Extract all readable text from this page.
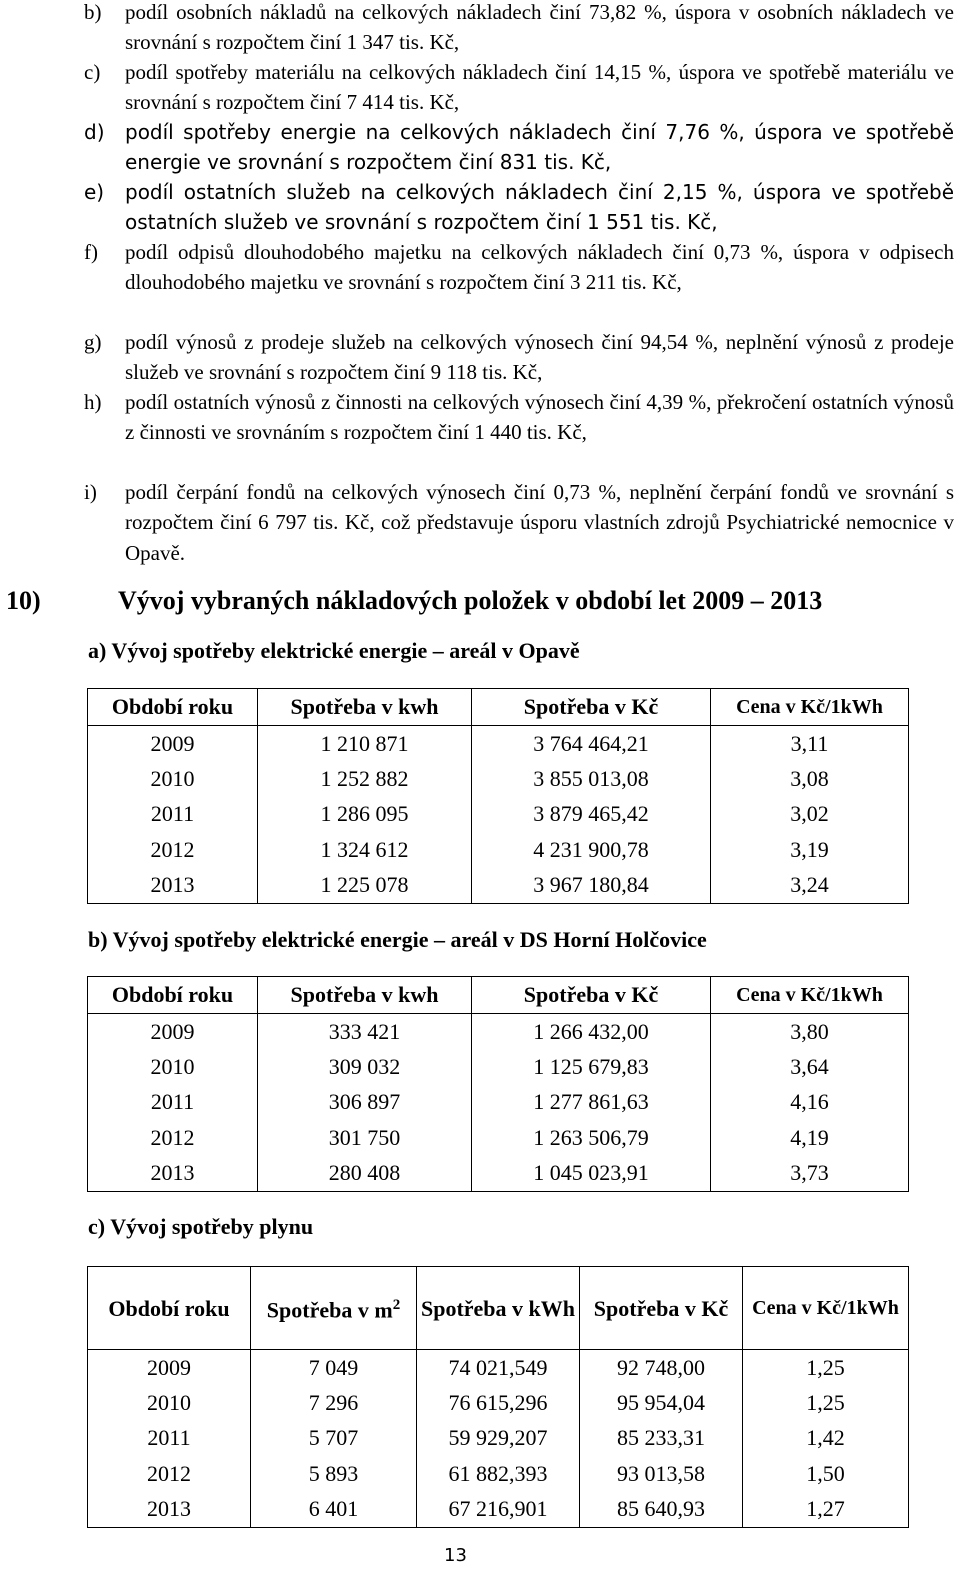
b) podíl osobních nákladů na celkových nákladech činí 73,82 %, úspora v osobních nákladech ve srovnání s rozpočtem činí 1 347 tis. Kč,
c) podíl spotřeby materiálu na celkových nákladech činí 14,15 %, úspora ve spotřebě materiálu ve srovnání s rozpočtem činí 7 414 tis. Kč,
d) podíl spotřeby energie na celkových nákladech činí 7,76 %, úspora ve spotřebě energie ve srovnání s rozpočtem činí 831 tis. Kč,
e) podíl ostatních služeb na celkových nákladech činí 2,15 %, úspora ve spotřebě ostatních služeb ve srovnání s rozpočtem činí 1 551 tis. Kč,
f) podíl odpisů dlouhodobého majetku na celkových nákladech činí 0,73 %, úspora v odpisech dlouhodobého majetku ve srovnání s rozpočtem činí 3 211 tis. Kč,
g) podíl výnosů z prodeje služeb na celkových výnosech činí 94,54 %, neplnění výnosů z prodeje služeb ve srovnání s rozpočtem činí 9 118 tis. Kč,
h) podíl ostatních výnosů z činnosti na celkových výnosech činí 4,39 %, překročení ostatních výnosů z činnosti ve srovnáním s rozpočtem činí 1 440 tis. Kč,
i) podíl čerpání fondů na celkových výnosech činí 0,73 %, neplnění čerpání fondů ve srovnání s rozpočtem činí 6 797 tis. Kč, což představuje úsporu vlastních zdrojů Psychiatrické nemocnice v Opavě.
10)	Vývoj vybraných nákladových položek v období let 2009 – 2013
a) Vývoj spotřeby elektrické energie – areál v Opavě
Období roku	Spotřeba v kwh	Spotřeba v Kč	Cena v Kč/1kWh
2009	1 210 871	3 764 464,21	3,11
2010	1 252 882	3 855 013,08	3,08
2011	1 286 095	3 879 465,42	3,02
2012	1 324 612	4 231 900,78	3,19
2013	1 225 078	3 967 180,84	3,24
b) Vývoj spotřeby elektrické energie – areál v DS Horní Holčovice
Období roku	Spotřeba v kwh	Spotřeba v Kč	Cena v Kč/1kWh
2009	333 421	1 266 432,00	3,80
2010	309 032	1 125 679,83	3,64
2011	306 897	1 277 861,63	4,16
2012	301 750	1 263 506,79	4,19
2013	280 408	1 045 023,91	3,73
c) Vývoj spotřeby plynu
Období roku	Spotřeba v $m^2$	Spotřeba v kWh	Spotřeba v Kč	Cena v Kč/1kWh
2009	7 049	74 021,549	92 748,00	1,25
2010	7 296	76 615,296	95 954,04	1,25
2011	5 707	59 929,207	85 233,31	1,42
2012	5 893	61 882,393	93 013,58	1,50
2013	6 401	67 216,901	85 640,93	1,27
13
